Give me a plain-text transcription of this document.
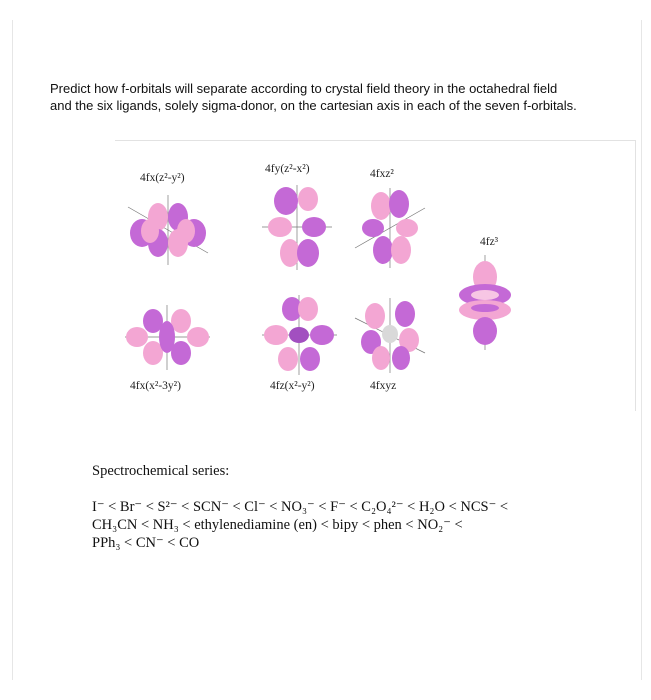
Predict how f-orbitals will separate according to crystal field theory in the octahedral field
and the six ligands, solely sigma-donor, on the cartesian axis in each of the seven f-orbitals.
4fx(z²-y²)
4fy(z²-x²)	4fxz²
4fz³
4fx(x²-3y²)	4fz(x²-y²)	4fxyz
Spectrochemical series:
I⁻ < Br⁻ < S²⁻ < SCN⁻ < Cl⁻ < NO₃⁻ < F⁻ < C₂O₄²⁻ < H₂O < NCS⁻ <
CH₃CN < NH₃ < ethylenediamine (en) < bipy < phen < NO₂⁻ <
PPh₃ < CN⁻ < CO
